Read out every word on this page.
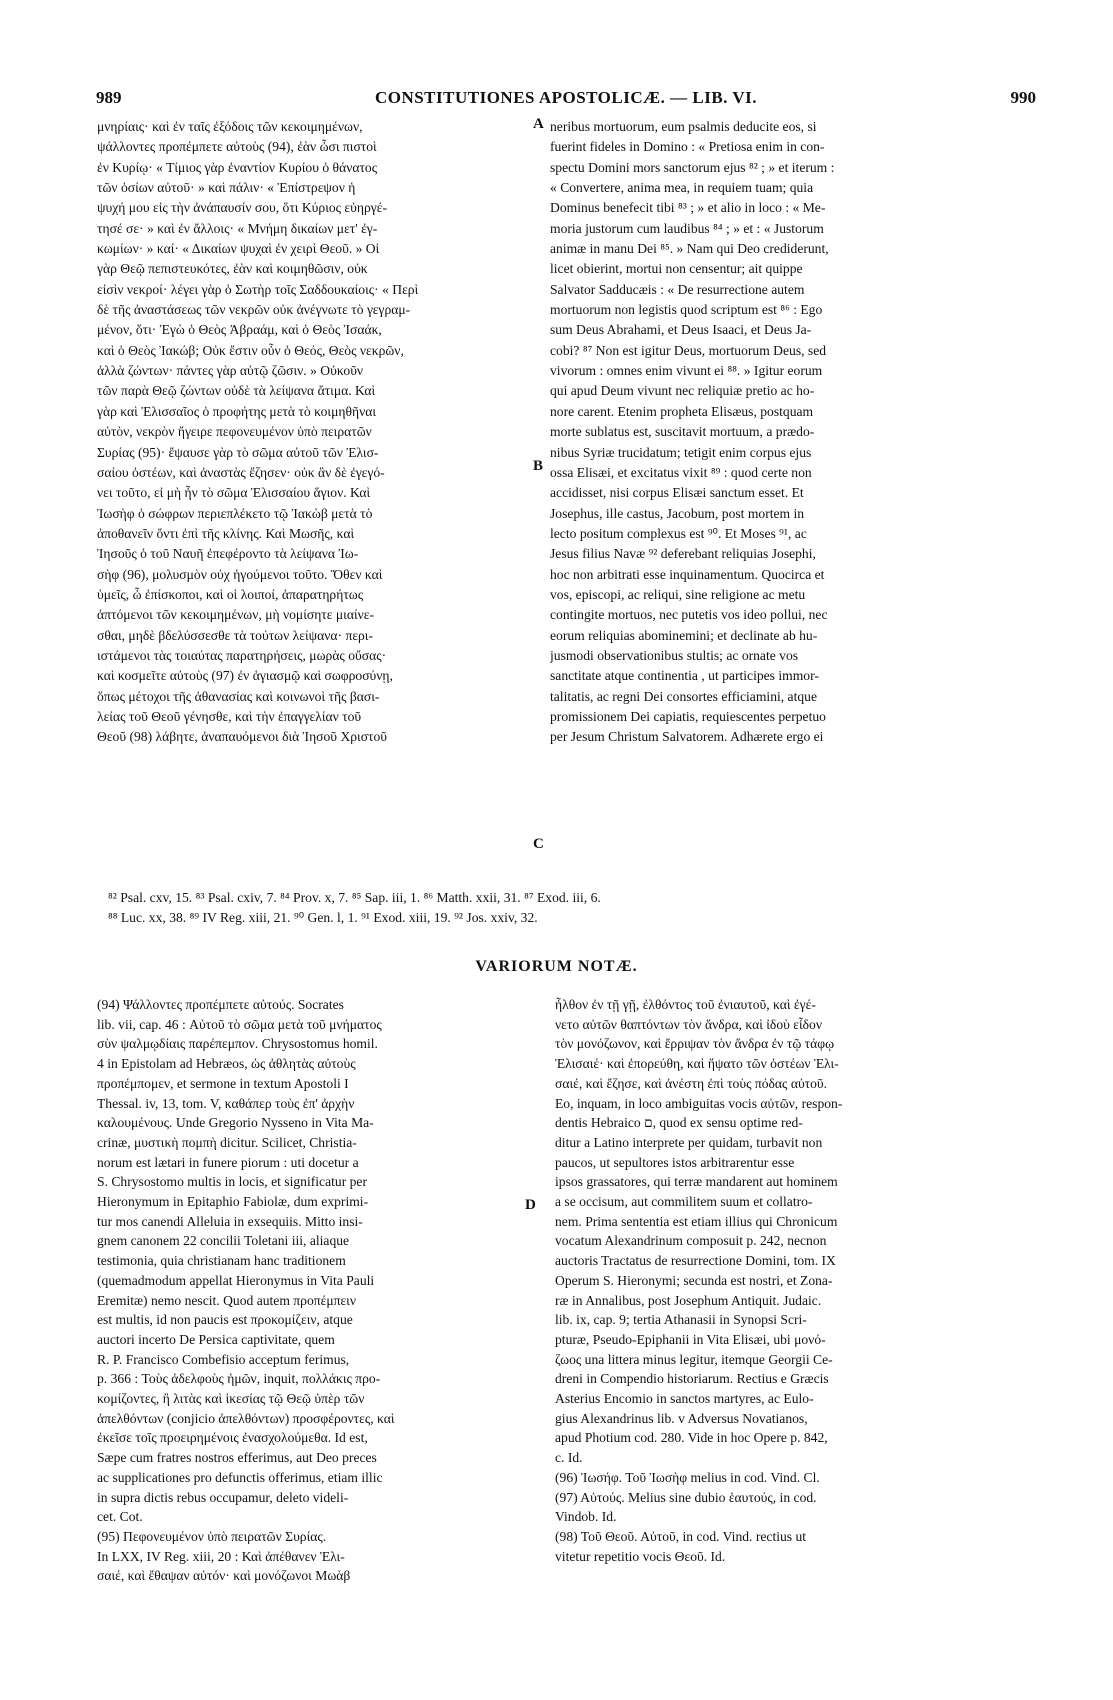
989	CONSTITUTIONES APOSTOLICÆ. — LIB. VI.	990
μνηρίαις· καὶ ἐν ταῖς ἐξόδοις τῶν κεκοιμημένων,
ψάλλοντες προπέμπετε αὐτοὺς (94), ἐὰν ὦσι πιστοὶ
ἐν Κυρίῳ· « Τίμιος γὰρ ἐναντίον Κυρίου ὁ θάνατος
τῶν ὁσίων αὐτοῦ· » καὶ πάλιν· « Ἐπίστρεψον ἡ
ψυχή μου εἰς τὴν ἀνάπαυσίν σου, ὅτι Κύριος εὐηργέ-
τησέ σε· » καὶ ἐν ἄλλοις· « Μνήμη δικαίων μετ' ἐγ-
κωμίων· » καί· « Δικαίων ψυχαὶ ἐν χειρὶ Θεοῦ. » Οἱ
γὰρ Θεῷ πεπιστευκότες, ἐὰν καὶ κοιμηθῶσιν, οὐκ
εἰσὶν νεκροί· λέγει γὰρ ὁ Σωτὴρ τοῖς Σαδδουκαίοις· « Περὶ
δὲ τῆς ἀναστάσεως τῶν νεκρῶν οὐκ ἀνέγνωτε τὸ γεγραμ-
μένον, ὅτι· Ἐγὼ ὁ Θεὸς Ἀβραάμ, καὶ ὁ Θεὸς Ἰσαάκ,
καὶ ὁ Θεὸς Ἰακώβ; Οὐκ ἔστιν οὖν ὁ Θεός, Θεὸς νεκρῶν,
ἀλλὰ ζώντων· πάντες γὰρ αὐτῷ ζῶσιν. » Οὐκοῦν
τῶν παρὰ Θεῷ ζώντων οὐδὲ τὰ λείψανα ἄτιμα. Καὶ
γὰρ καὶ Ἐλισσαῖος ὁ προφήτης μετὰ τὸ κοιμηθῆναι
αὐτὸν, νεκρὸν ἤγειρε πεφονευμένον ὑπὸ πειρατῶν
Συρίας (95)· ἔψαυσε γὰρ τὸ σῶμα αὐτοῦ τῶν Ἐλισ-
σαίου ὀστέων, καὶ ἀναστὰς ἔζησεν· οὐκ ἂν δὲ ἐγεγό-
νει τοῦτο, εἰ μὴ ἦν τὸ σῶμα Ἐλισσαίου ἅγιον. Καὶ
Ἰωσὴφ ὁ σώφρων περιεπλέκετο τῷ Ἰακὼβ μετὰ τὸ
ἀποθανεῖν ὄντι ἐπὶ τῆς κλίνης. Καὶ Μωσῆς, καὶ
Ἰησοῦς ὁ τοῦ Ναυῆ ἐπεφέροντο τὰ λείψανα Ἰω-
σὴφ (96), μολυσμὸν οὐχ ἡγούμενοι τοῦτο. Ὅθεν καὶ
ὑμεῖς, ὦ ἐπίσκοποι, καὶ οἱ λοιποί, ἀπαρατηρήτως
ἁπτόμενοι τῶν κεκοιμημένων, μὴ νομίσητε μιαίνε-
σθαι, μηδὲ βδελύσσεσθε τὰ τούτων λείψανα· περι-
ιστάμενοι τὰς τοιαύτας παρατηρήσεις, μωρὰς οὔσας·
καὶ κοσμεῖτε αὐτοὺς (97) ἐν ἁγιασμῷ καὶ σωφροσύνῃ,
ὅπως μέτοχοι τῆς ἀθανασίας καὶ κοινωνοὶ τῆς βασι-
λείας τοῦ Θεοῦ γένησθε, καὶ τὴν ἐπαγγελίαν τοῦ
Θεοῦ (98) λάβητε, ἀναπαυόμενοι διὰ Ἰησοῦ Χριστοῦ
neribus mortuorum, eum psalmis deducite eos, si
fuerint fideles in Domino : « Pretiosa enim in con-
spectu Domini mors sanctorum ejus ⁸² ; » et iterum :
« Convertere, anima mea, in requiem tuam; quia
Dominus benefecit tibi ⁸³ ; » et alio in loco : « Me-
moria justorum cum laudibus ⁸⁴ ; » et : « Justorum
animæ in manu Dei ⁸⁵. » Nam qui Deo crediderunt,
licet obierint, mortui non censentur; ait quippe
Salvator Sadducæis : « De resurrectione autem
mortuorum non legistis quod scriptum est ⁸⁶ : Ego
sum Deus Abrahami, et Deus Isaaci, et Deus Ja-
cobi? ⁸⁷ Non est igitur Deus, mortuorum Deus, sed
vivorum : omnes enim vivunt ei ⁸⁸. » Igitur eorum
qui apud Deum vivunt nec reliquiæ pretio ac ho-
nore carent. Etenim propheta Elisæus, postquam
morte sublatus est, suscitavit mortuum, a prædo-
nibus Syriæ trucidatum; tetigit enim corpus ejus
ossa Elisæi, et excitatus vixit ⁸⁹ : quod certe non
accidisset, nisi corpus Elisæi sanctum esset. Et
Josephus, ille castus, Jacobum, post mortem in
lecto positum complexus est ⁹⁰. Et Moses ⁹¹, ac
Jesus filius Navæ ⁹² deferebant reliquias Josephi,
hoc non arbitrati esse inquinamentum. Quocirca et
vos, episcopi, ac reliqui, sine religione ac metu
contingite mortuos, nec putetis vos ideo polluі, nec
eorum reliquias abominemini; et declinate ab hu-
jusmodi observationibus stultis; ac ornate vos
sanctitate atque continentia , ut participes immor-
talitatis, ac regni Dei consortes efficiamini, atque
promissionem Dei capiatis, requiescentes perpetuo
per Jesum Christum Salvatorem. Adhærete ergo ei
A
B
C
D
⁸² Psal. cxv, 15. ⁸³ Psal. cxiv, 7. ⁸⁴ Prov. x, 7. ⁸⁵ Sap. iii, 1. ⁸⁶ Matth. xxii, 31. ⁸⁷ Exod. iii, 6.
⁸⁸ Luc. xx, 38. ⁸⁹ IV Reg. xiii, 21. ⁹⁰ Gen. l, 1. ⁹¹ Exod. xiii, 19. ⁹² Jos. xxiv, 32.
VARIORUM NOTÆ.
(94) Ψάλλοντες προπέμπετε αὐτούς. Socrates
lib. vii, cap. 46 : Αὐτοῦ τὸ σῶμα μετὰ τοῦ μνήματος
σὺν ψαλμῳδίαις παρέπεμπον. Chrysostomus homil.
4 in Epistolam ad Hebræos, ὡς ἀθλητὰς αὐτοὺς
προπέμπομεν, et sermone in textum Apostoli I
Thessal. iv, 13, tom. V, καθάπερ τοὺς ἐπ' ἀρχὴν
καλουμένους. Unde Gregorio Nysseno in Vita Ma-
crinæ, μυστικὴ πομπὴ dicitur. Scilicet, Christia-
norum est lætari in funere piorum : uti docetur a
S. Chrysostomo multis in locis, et significatur per
Hieronymum in Epitaphio Fabiolæ, dum exprimi-
tur mos canendi Alleluia in exsequiis. Mitto insi-
gnem canonem 22 concilii Toletani iii, aliaque
testimonia, quia christianam hanc traditionem
(quemadmodum appellat Hieronymus in Vita Pauli
Eremitæ) nemo nescit. Quod autem προπέμπειν
est multis, id non paucis est προκομίζειν, atque
auctori incerto De Persica captivitate, quem
R. P. Franciscο Combefisio acceptum ferimus,
p. 366 : Τοὺς ἀδελφοὺς ἡμῶν, inquit, πολλάκις προ-
κομίζοντες, ἢ λιτὰς καὶ ἱκεσίας τῷ Θεῷ ὑπὲρ τῶν
ἀπελθόντων (conjicio ἀπελθόντων) προσφέροντες, καὶ
ἐκεῖσε τοῖς προειρημένοις ἐνασχολούμεθα. Id est,
Sæpe cum fratres nostros efferimus, aut Deo preces
ac supplicationes pro defunctis offerimus, etiam illic
in supra dictis rebus occupamur, deleto videli-
cet. Cot.
(95) Πεφονευμένον ὑπὸ πειρατῶν Συρίας.
In LXX, IV Reg. xiii, 20 : Καὶ ἀπέθανεν Ἐλι-
σαιέ, καὶ ἔθαψαν αὐτόν· καὶ μονόζωνοι Μωὰβ
ἦλθον ἐν τῇ γῇ, ἐλθόντος τοῦ ἐνιαυτοῦ, καὶ ἐγέ-
νετο αὐτῶν θαπτόντων τὸν ἄνδρα, καὶ ἰδοὺ εἶδον
τὸν μονόζωνον, καὶ ἔρριψαν τὸν ἄνδρα ἐν τῷ τάφῳ
Ἐλισαιέ· καὶ ἐπορεύθη, καὶ ἥψατο τῶν ὀστέων Ἐλι-
σαιέ, καὶ ἔζησε, καὶ ἀνέστη ἐπὶ τοὺς πόδας αὐτοῦ.
Eo, inquam, in loco ambiguitas vocis αὐτῶν, respon-
dentis Hebraico ם, quod ex sensu optime red-
ditur a Latino interprete per quidam, turbavit non
paucos, ut sepultores istos arbitrarentur esse
ipsos grassatores, qui terræ mandarent aut hominem
a se occisum, aut commilitem suum et collatro-
nem. Prima sententia est etiam illius qui Chronicum
vocatum Alexandrinum composuit p. 242, necnon
auctoris Tractatus de resurrectione Domini, tom. IX
Operum S. Hieronymi; secunda est nostri, et Zona-
ræ in Annalibus, post Josephum Antiquit. Judaic.
lib. ix, cap. 9; tertia Athanasii in Synopsi Scri-
pturæ, Pseudo-Epiphanii in Vita Elisæi, ubi μονό-
ζωος una littera minus legitur, itemque Georgii Ce-
dreni in Compendio historiarum. Rectius e Græcis
Asterius Encomio in sanctos martyres, ac Eulo-
gius Alexandrinus lib. v Adversus Novatianos,
apud Photium cod. 280. Vide in hoc Opere p. 842,
c. Id.
(96) Ἰωσήφ. Τοῦ Ἰωσὴφ melius in cod. Vind. Cl.
(97) Αὐτούς. Melius sine dubio ἑαυτούς, in cod.
Vindob. Id.
(98) Τοῦ Θεοῦ. Αὐτοῦ, in cod. Vind. rectius ut
vitetur repetitio vocis Θεοῦ. Id.
